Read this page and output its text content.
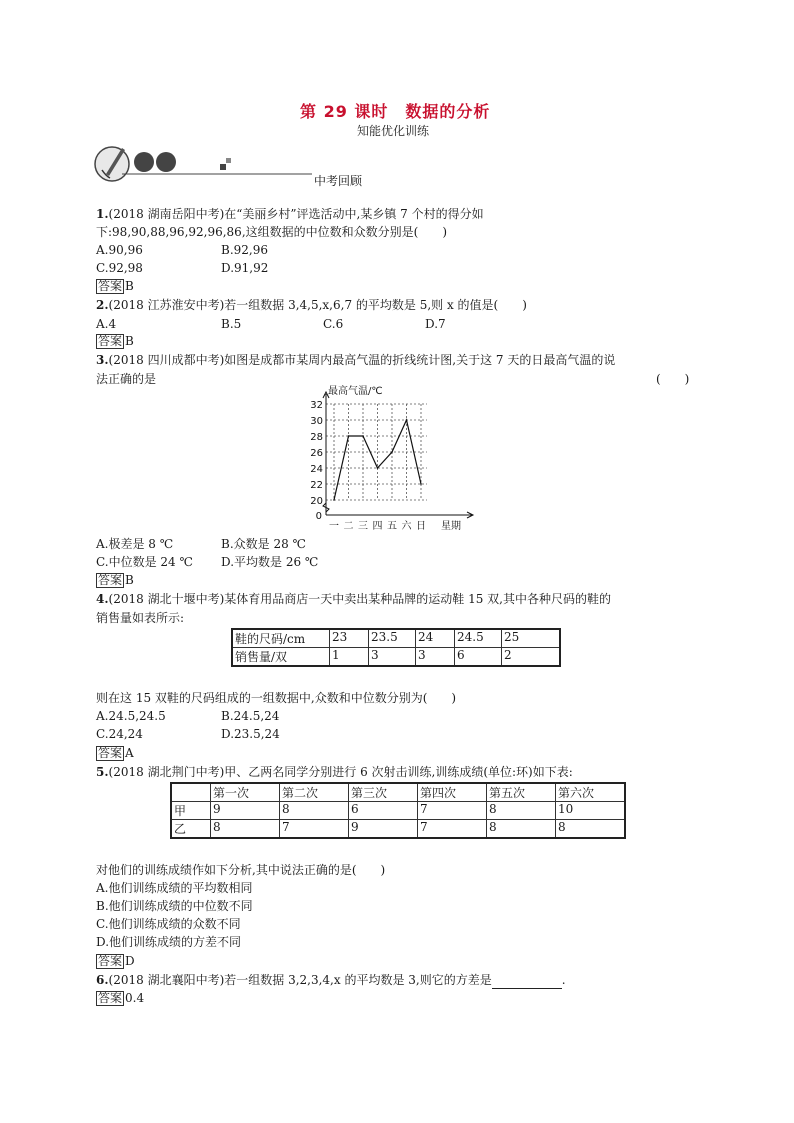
第 29 课时　数据的分析
知能优化训练
中考回顾
1.(2018 湖南岳阳中考)在“美丽乡村”评选活动中,某乡镇 7 个村的得分如
下:98,90,88,96,92,96,86,这组数据的中位数和众数分别是(　　)
A.90,96	B.92,96
C.92,98	D.91,92
答案 B
2.(2018 江苏淮安中考)若一组数据 3,4,5,x,6,7 的平均数是 5,则 x 的值是(　　)
A.4	B.5	C.6	D.7
答案 B
3.(2018 四川成都中考)如图是成都市某周内最高气温的折线统计图,关于这 7 天的日最高气温的说
法正确的是	(　　)
20
22
24
26
28
30
32
0
最高气温/℃
星期
一 二 三 四 五 六 日
A.极差是 8 ℃	B.众数是 28 ℃
C.中位数是 24 ℃ D.平均数是 26 ℃
答案 B
4.(2018 湖北十堰中考)某体育用品商店一天中卖出某种品牌的运动鞋 15 双,其中各种尺码的鞋的
销售量如表所示:
鞋的尺码/cm	23	23.5	24	24.5	25
销售量/双	1	3	3	6	2
则在这 15 双鞋的尺码组成的一组数据中,众数和中位数分别为(　　)
A.24.5,24.5	B.24.5,24
C.24,24	D.23.5,24
答案 A
5.(2018 湖北荆门中考)甲、乙两名同学分别进行 6 次射击训练,训练成绩(单位:环)如下表:
	第一次	第二次	第三次	第四次	第五次	第六次
甲	9	8	6	7	8	10
乙	8	7	9	7	8	8
对他们的训练成绩作如下分析,其中说法正确的是(　　)
A.他们训练成绩的平均数相同
B.他们训练成绩的中位数不同
C.他们训练成绩的众数不同
D.他们训练成绩的方差不同
答案 D
6.(2018 湖北襄阳中考)若一组数据 3,2,3,4,x 的平均数是 3,则它的方差是	.
答案 0.4
